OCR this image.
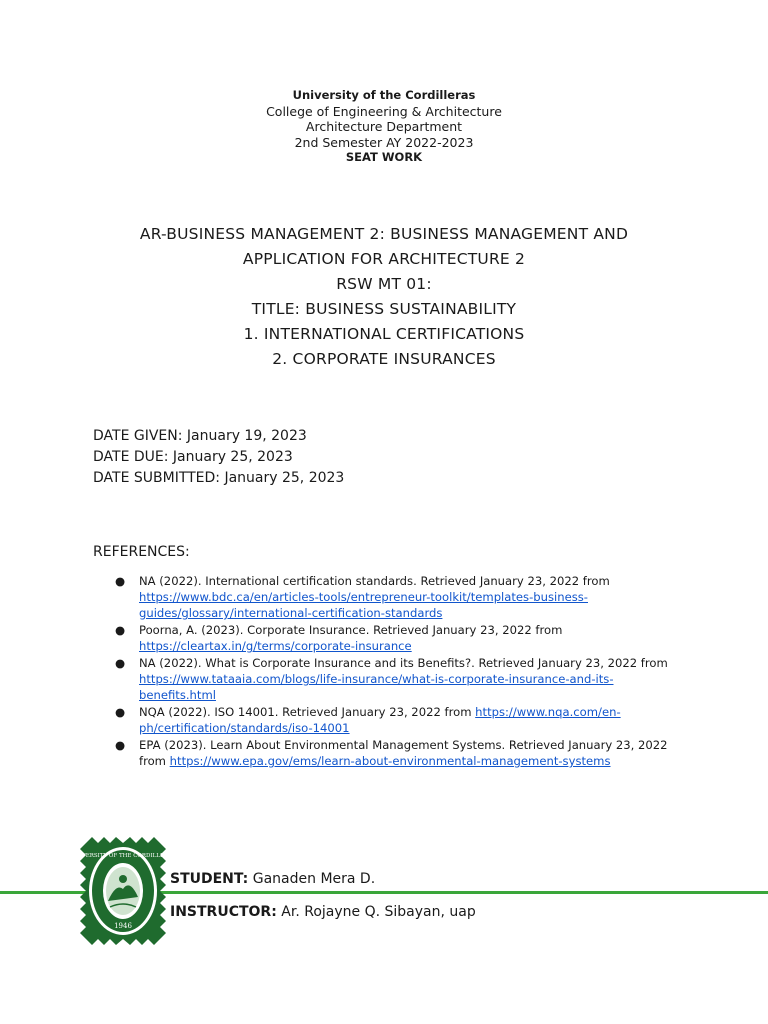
University of the Cordilleras
College of Engineering & Architecture
Architecture Department
2nd Semester AY 2022-2023
SEAT WORK
AR-BUSINESS MANAGEMENT 2: BUSINESS MANAGEMENT AND
APPLICATION FOR ARCHITECTURE 2
RSW MT 01:
TITLE: BUSINESS SUSTAINABILITY
1. INTERNATIONAL CERTIFICATIONS
2. CORPORATE INSURANCES
DATE GIVEN: January 19, 2023
DATE DUE: January 25, 2023
DATE SUBMITTED: January 25, 2023
REFERENCES:
● NA (2022). International certification standards. Retrieved January 23, 2022 from https://www.bdc.ca/en/articles-tools/entrepreneur-toolkit/templates-business-guides/glossary/international-certification-standards
● Poorna, A. (2023). Corporate Insurance. Retrieved January 23, 2022 from https://cleartax.in/g/terms/corporate-insurance
● NA (2022). What is Corporate Insurance and its Benefits?. Retrieved January 23, 2022 from https://www.tataaia.com/blogs/life-insurance/what-is-corporate-insurance-and-its-benefits.html
● NQA (2022). ISO 14001. Retrieved January 23, 2022 from https://www.nqa.com/en-ph/certification/standards/iso-14001
● EPA (2023). Learn About Environmental Management Systems. Retrieved January 23, 2022 from https://www.epa.gov/ems/learn-about-environmental-management-systems
UNIVERSITY OF THE CORDILLERAS
1946
STUDENT: Ganaden Mera D.
INSTRUCTOR: Ar. Rojayne Q. Sibayan, uap
